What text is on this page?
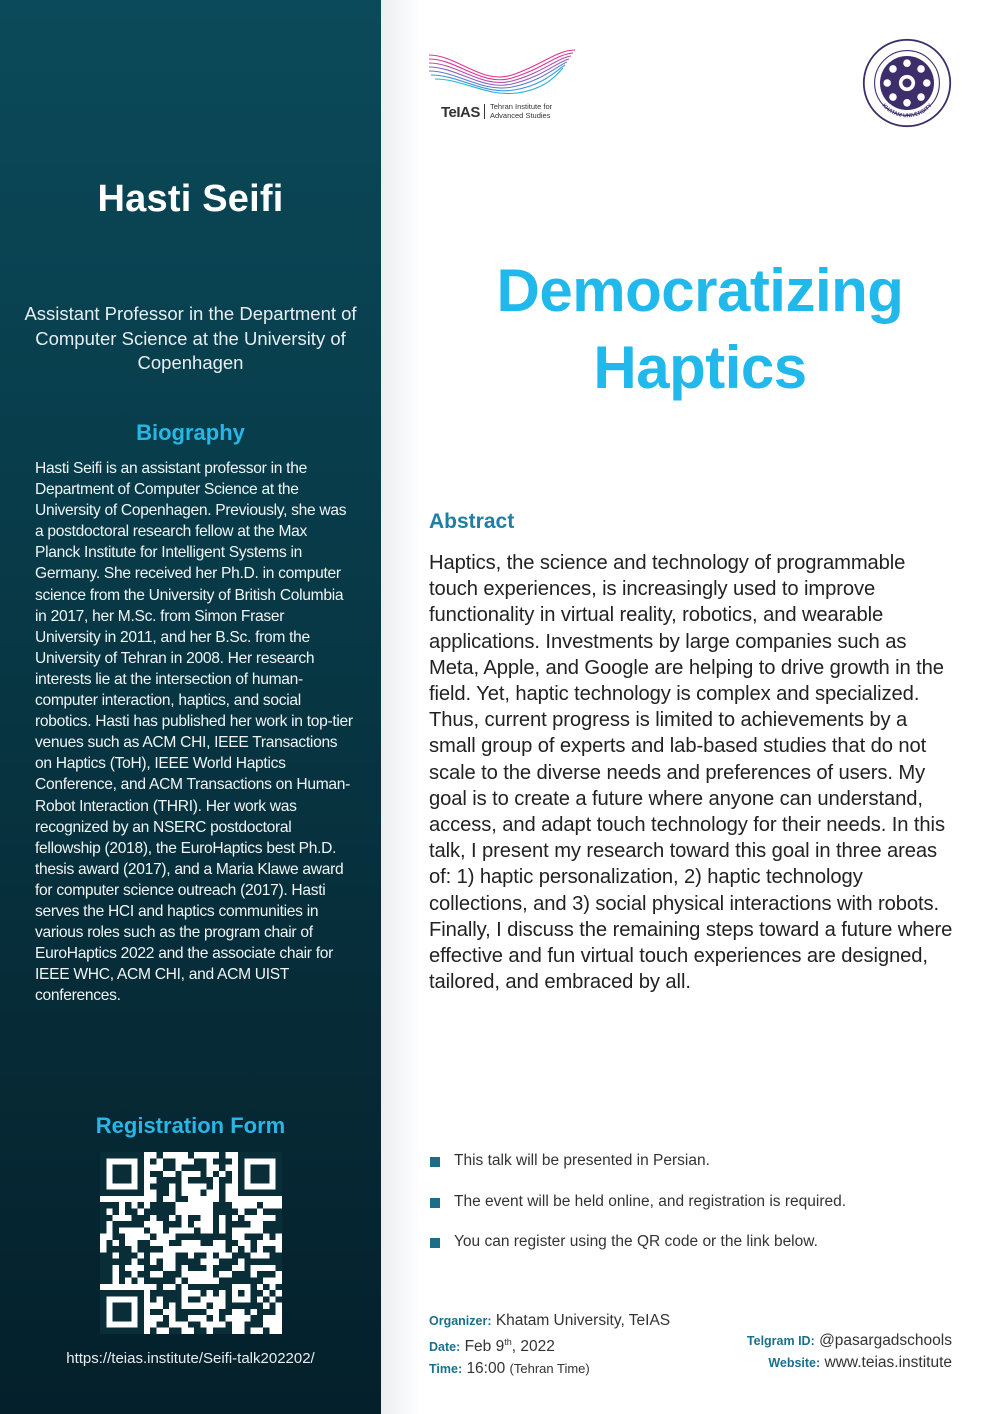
Hasti Seifi

Assistant Professor in the Department of Computer Science at the University of Copenhagen

Biography

Hasti Seifi is an assistant professor in the Department of Computer Science at the University of Copenhagen. Previously, she was a postdoctoral research fellow at the Max Planck Institute for Intelligent Systems in Germany. She received her Ph.D. in computer science from the University of British Columbia in 2017, her M.Sc. from Simon Fraser University in 2011, and her B.Sc. from the University of Tehran in 2008. Her research interests lie at the intersection of human-computer interaction, haptics, and social robotics. Hasti has published her work in top-tier venues such as ACM CHI, IEEE Transactions on Haptics (ToH), IEEE World Haptics Conference, and ACM Transactions on Human-Robot Interaction (THRI). Her work was recognized by an NSERC postdoctoral fellowship (2018), the EuroHaptics best Ph.D. thesis award (2017), and a Maria Klawe award for computer science outreach (2017). Hasti serves the HCI and haptics communities in various roles such as the program chair of EuroHaptics 2022 and the associate chair for IEEE WHC, ACM CHI, and ACM UIST conferences.

Registration Form
https://teias.institute/Seifi-talk202202/
TeIAS Tehran Institute for
Advanced Studies
KHATAM UNIVERSITY
Democratizing
Haptics
Abstract

Haptics, the science and technology of programmable touch experiences, is increasingly used to improve functionality in virtual reality, robotics, and wearable applications. Investments by large companies such as Meta, Apple, and Google are helping to drive growth in the field. Yet, haptic technology is complex and specialized. Thus, current progress is limited to achievements by a small group of experts and lab-based studies that do not scale to the diverse needs and preferences of users. My goal is to create a future where anyone can understand, access, and adapt touch technology for their needs. In this talk, I present my research toward this goal in three areas of: 1) haptic personalization, 2) haptic technology collections, and 3) social physical interactions with robots. Finally, I discuss the remaining steps toward a future where effective and fun virtual touch experiences are designed, tailored, and embraced by all.

This talk will be presented in Persian.
The event will be held online, and registration is required.
You can register using the QR code or the link below.
Organizer: Khatam University, TeIAS
Date: Feb 9th, 2022
Time: 16:00 (Tehran Time)
Telgram ID: @pasargadschools
Website: www.teias.institute
